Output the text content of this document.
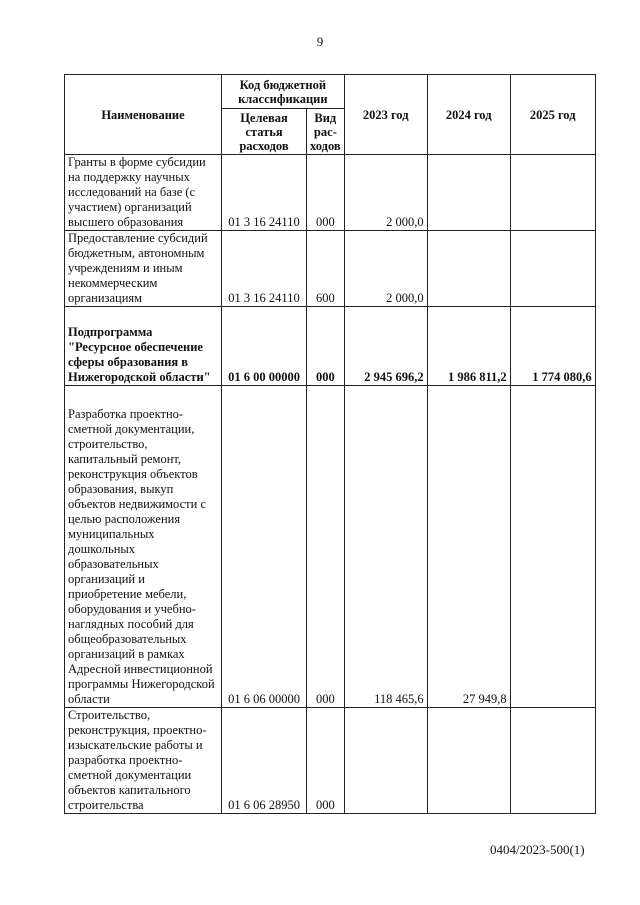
9
Наименование	Код бюджетной классификации		2023 год	2024 год	2025 год
	Целевая статья расходов	Вид рас-ходов			
Гранты в форме субсидии на поддержку научных исследований на базе (с участием) организаций высшего образования	01 3 16 24110	000	2 000,0		
Предоставление субсидий бюджетным, автономным учреждениям и иным некоммерческим организациям	01 3 16 24110	600	2 000,0		
Подпрограмма "Ресурсное обеспечение сферы образования в Нижегородской области"	01 6 00 00000	000	2 945 696,2	1 986 811,2	1 774 080,6
Разработка проектно-сметной документации, строительство, капитальный ремонт, реконструкция объектов образования, выкуп объектов недвижимости с целью расположения муниципальных дошкольных образовательных организаций и приобретение мебели, оборудования и учебно-наглядных пособий для общеобразовательных организаций в рамках Адресной инвестиционной программы Нижегородской области	01 6 06 00000	000	118 465,6	27 949,8	
Строительство, реконструкция, проектно-изыскательские работы и разработка проектно-сметной документации объектов капитального строительства	01 6 06 28950	000			
0404/2023-500(1)
